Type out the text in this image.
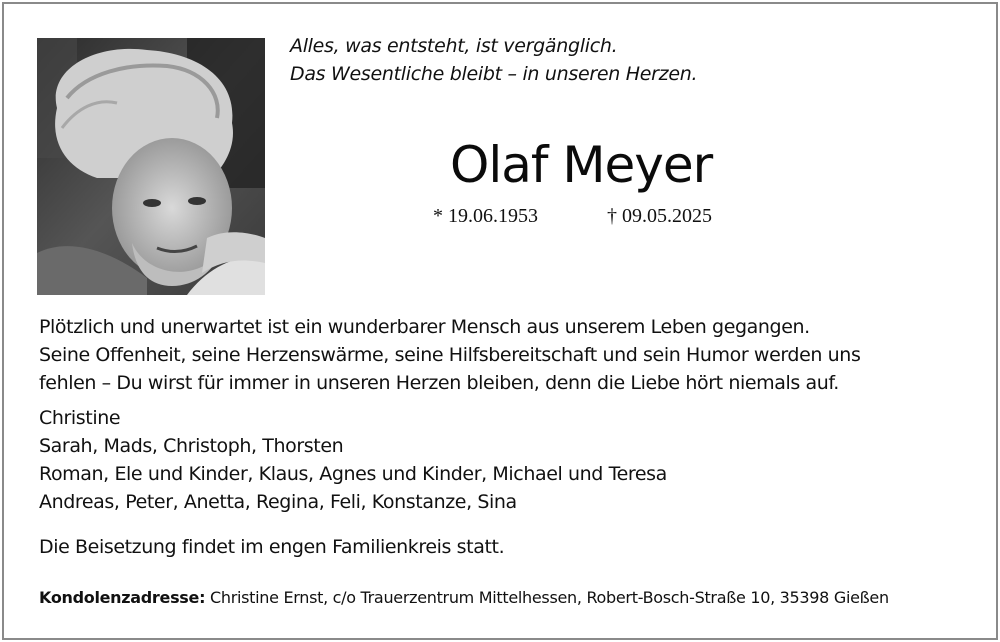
Alles, was entsteht, ist vergänglich.
Das Wesentliche bleibt – in unseren Herzen.
Olaf Meyer
* 19.06.1953	† 09.05.2025

Plötzlich und unerwartet ist ein wunderbarer Mensch aus unserem Leben gegangen.

Seine Offenheit, seine Herzenswärme, seine Hilfsbereitschaft und sein Humor werden uns

fehlen – Du wirst für immer in unseren Herzen bleiben, denn die Liebe hört niemals auf.

Christine

Sarah, Mads, Christoph, Thorsten

Roman, Ele und Kinder, Klaus, Agnes und Kinder, Michael und Teresa

Andreas, Peter, Anetta, Regina, Feli, Konstanze, Sina

Die Beisetzung findet im engen Familienkreis statt.
Kondolenzadresse: Christine Ernst, c/o Trauerzentrum Mittelhessen, Robert-Bosch-Straße 10, 35398 Gießen
